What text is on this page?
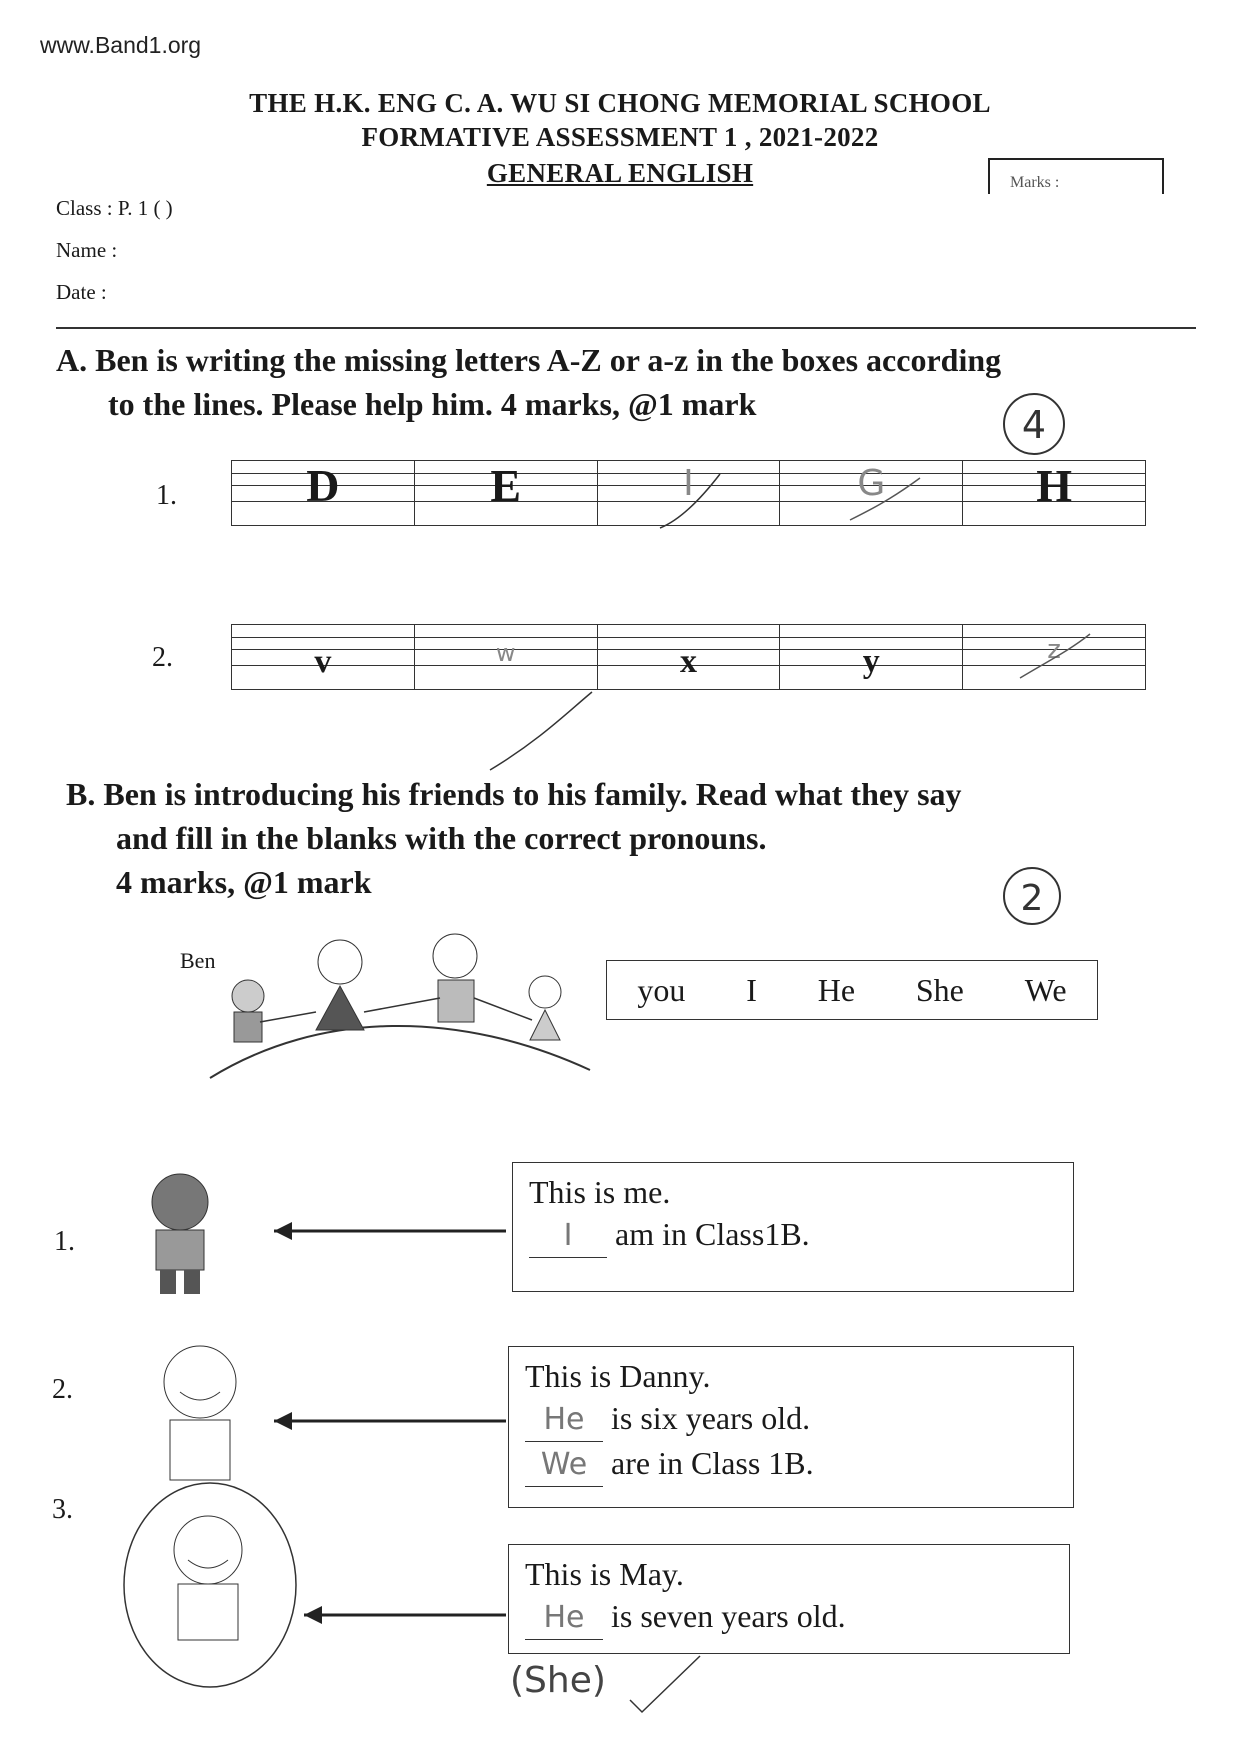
www.Band1.org
THE H.K. ENG C. A. WU SI CHONG MEMORIAL SCHOOL
FORMATIVE ASSESSMENT 1 , 2021-2022
GENERAL ENGLISH	Marks :
Class : P. 1 ( )
Name :
Date :
A. Ben is writing the missing letters A-Z or a-z in the boxes according
to the lines. Please help him. 4 marks, @1 mark	4
1.	D	E	I	G	H
2.	v	w	x	y	z
B. Ben is introducing his friends to his family. Read what they say
and fill in the blanks with the correct pronouns.
4 marks, @1 mark	2
Ben
you I He She We
1.
This is me.
I am in Class1B.
2.	This is Danny.
He is six years old.
We are in Class 1B.
3.
This is May.
He is seven years old.
(She)
